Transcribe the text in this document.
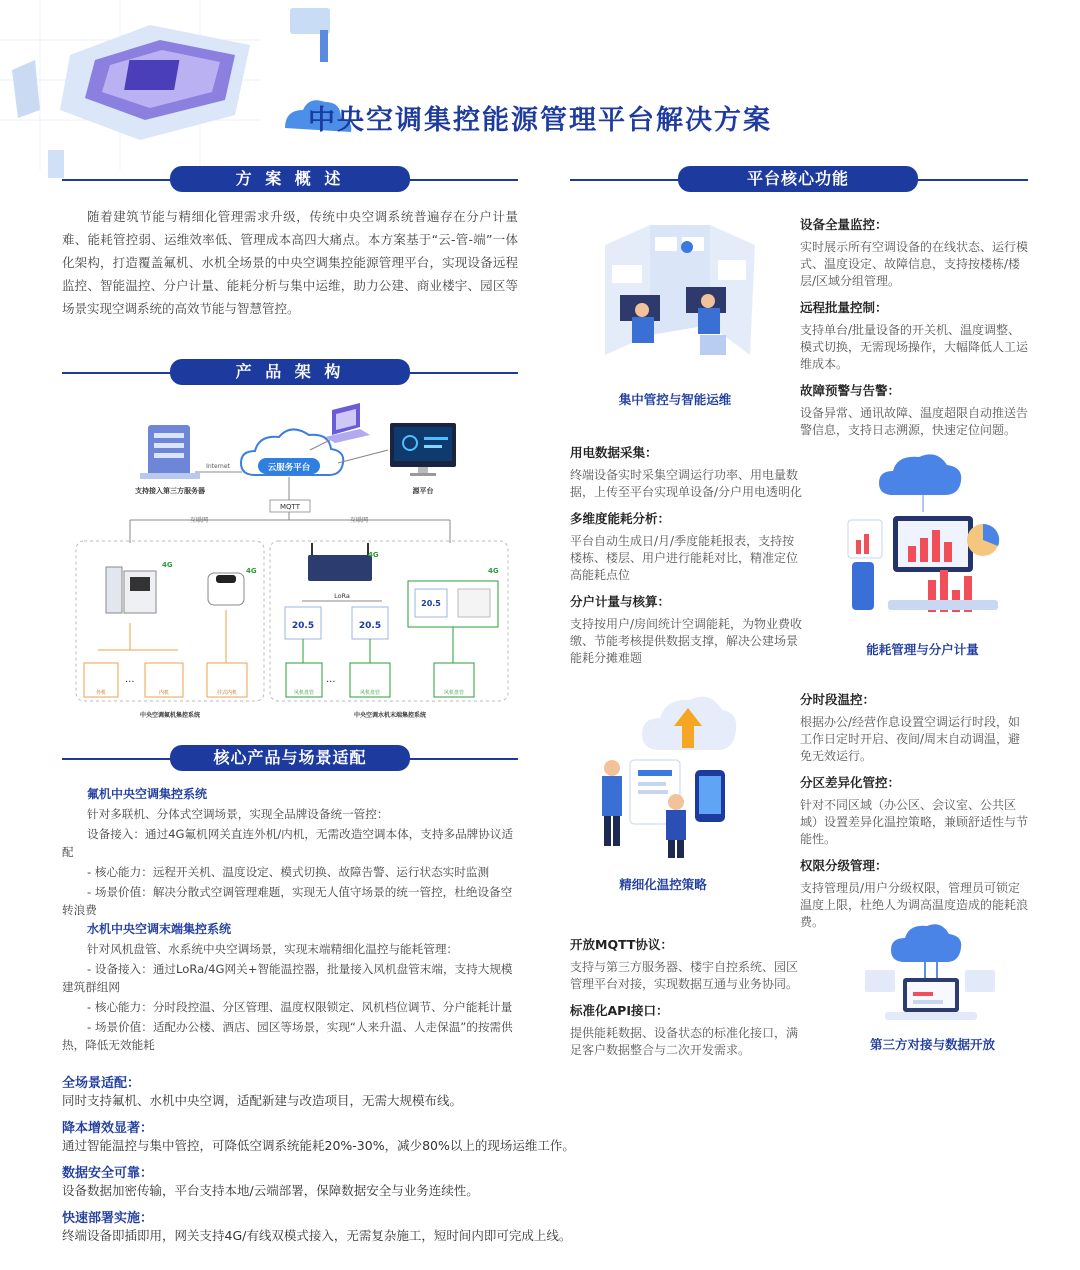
中央空调集控能源管理平台解决方案
方 案 概 述
随着建筑节能与精细化管理需求升级，传统中央空调系统普遍存在分户计量难、能耗管控弱、运维效率低、管理成本高四大痛点。本方案基于“云-管-端”一体化架构，打造覆盖氟机、水机全场景的中央空调集控能源管理平台，实现设备远程监控、智能温控、分户计量、能耗分析与集中运维，助力公建、商业楼宇、园区等场景实现空调系统的高效节能与智慧管控。
产 品 架 构
支持接入第三方服务器
云服务平台
Internet
源平台
MQTT
互联网	互联网
4G
4G
···
外机	内机	挂式内机
中央空调氟机集控系统
4G
LoRa
20.5	20.5
4G
20.5
···
风机盘管	风机盘管	风机盘管
中央空调水机末端集控系统
核心产品与场景适配
氟机中央空调集控系统
针对多联机、分体式空调场景，实现全品牌设备统一管控：
设备接入：通过4G氟机网关直连外机/内机，无需改造空调本体，支持多品牌协议适配
- 核心能力：远程开关机、温度设定、模式切换、故障告警、运行状态实时监测
- 场景价值：解决分散式空调管理难题，实现无人值守场景的统一管控，杜绝设备空转浪费
水机中央空调末端集控系统
针对风机盘管、水系统中央空调场景，实现末端精细化温控与能耗管理：
- 设备接入：通过LoRa/4G网关+智能温控器，批量接入风机盘管末端，支持大规模建筑群组网
- 核心能力：分时段控温、分区管理、温度权限锁定、风机档位调节、分户能耗计量
- 场景价值：适配办公楼、酒店、园区等场景，实现“人来升温、人走保温”的按需供热，降低无效能耗
平台核心功能
集中管控与智能运维
设备全量监控：
实时展示所有空调设备的在线状态、运行模式、温度设定、故障信息，支持按楼栋/楼层/区域分组管理。
远程批量控制：
支持单台/批量设备的开关机、温度调整、模式切换，无需现场操作，大幅降低人工运维成本。
故障预警与告警：
设备异常、通讯故障、温度超限自动推送告警信息，支持日志溯源，快速定位问题。
用电数据采集：
终端设备实时采集空调运行功率、用电量数据，上传至平台实现单设备/分户用电透明化
多维度能耗分析：
平台自动生成日/月/季度能耗报表，支持按楼栋、楼层、用户进行能耗对比，精准定位高能耗点位
分户计量与核算：
支持按用户/房间统计空调能耗，为物业费收缴、节能考核提供数据支撑，解决公建场景能耗分摊难题
能耗管理与分户计量
精细化温控策略
分时段温控：
根据办公/经营作息设置空调运行时段，如工作日定时开启、夜间/周末自动调温，避免无效运行。
分区差异化管控：
针对不同区域（办公区、会议室、公共区域）设置差异化温控策略，兼顾舒适性与节能性。
权限分级管理：
支持管理员/用户分级权限，管理员可锁定温度上限，杜绝人为调高温度造成的能耗浪费。
开放MQTT协议：
支持与第三方服务器、楼宇自控系统、园区管理平台对接，实现数据互通与业务协同。
标准化API接口：
提供能耗数据、设备状态的标准化接口，满足客户数据整合与二次开发需求。	第三方对接与数据开放
全场景适配：
同时支持氟机、水机中央空调，适配新建与改造项目，无需大规模布线。
降本增效显著：
通过智能温控与集中管控，可降低空调系统能耗20%-30%，减少80%以上的现场运维工作。
数据安全可靠：
设备数据加密传输，平台支持本地/云端部署，保障数据安全与业务连续性。
快速部署实施：
终端设备即插即用，网关支持4G/有线双模式接入，无需复杂施工，短时间内即可完成上线。
